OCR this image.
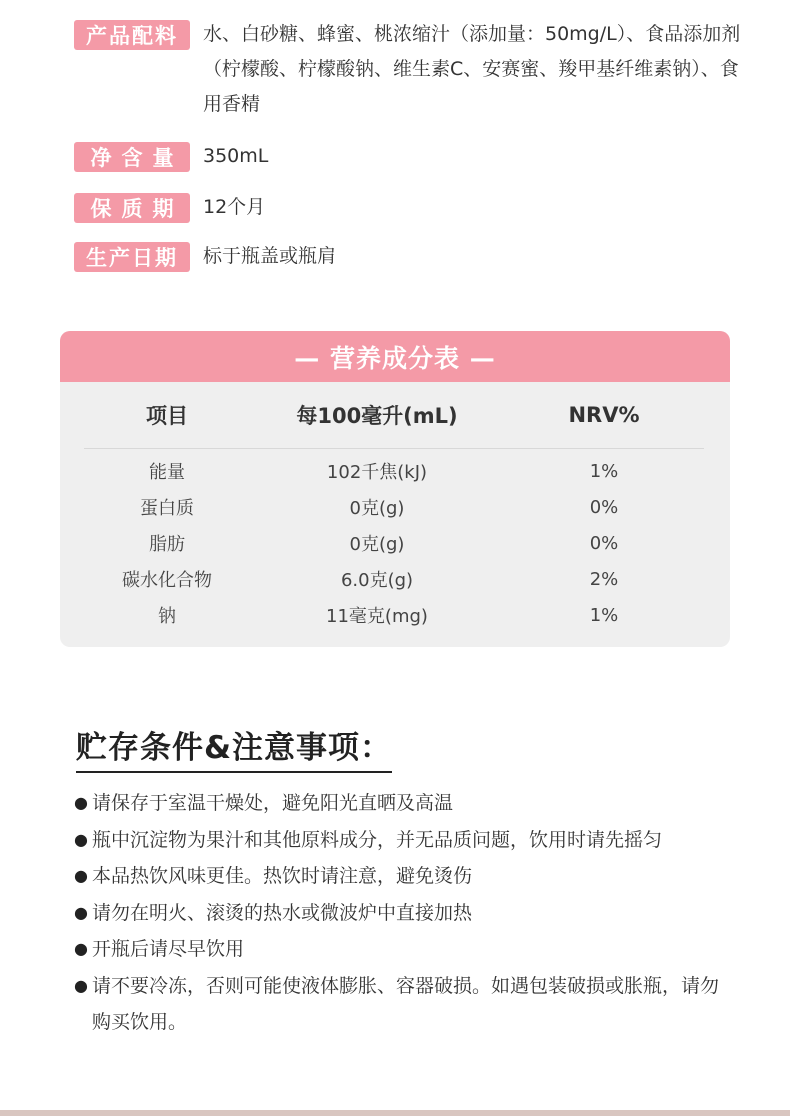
产品配料	水、白砂糖、蜂蜜、桃浓缩汁（添加量：50mg/L）、食品添加剂（柠檬酸、柠檬酸钠、维生素C、安赛蜜、羧甲基纤维素钠）、食用香精
净含量	350mL
保质期	12个月
生产日期	标于瓶盖或瓶肩
— 营养成分表 —
项目	每100毫升(mL)	NRV%
能量	102千焦(kJ)	1%
蛋白质	0克(g)	0%
脂肪	0克(g)	0%
碳水化合物	6.0克(g)	2%
钠	11毫克(mg)	1%
贮存条件&注意事项：
● 请保存于室温干燥处，避免阳光直晒及高温
● 瓶中沉淀物为果汁和其他原料成分，并无品质问题，饮用时请先摇匀
● 本品热饮风味更佳。热饮时请注意，避免烫伤
● 请勿在明火、滚烫的热水或微波炉中直接加热
● 开瓶后请尽早饮用
● 请不要冷冻，否则可能使液体膨胀、容器破损。如遇包装破损或胀瓶，请勿购买饮用。
